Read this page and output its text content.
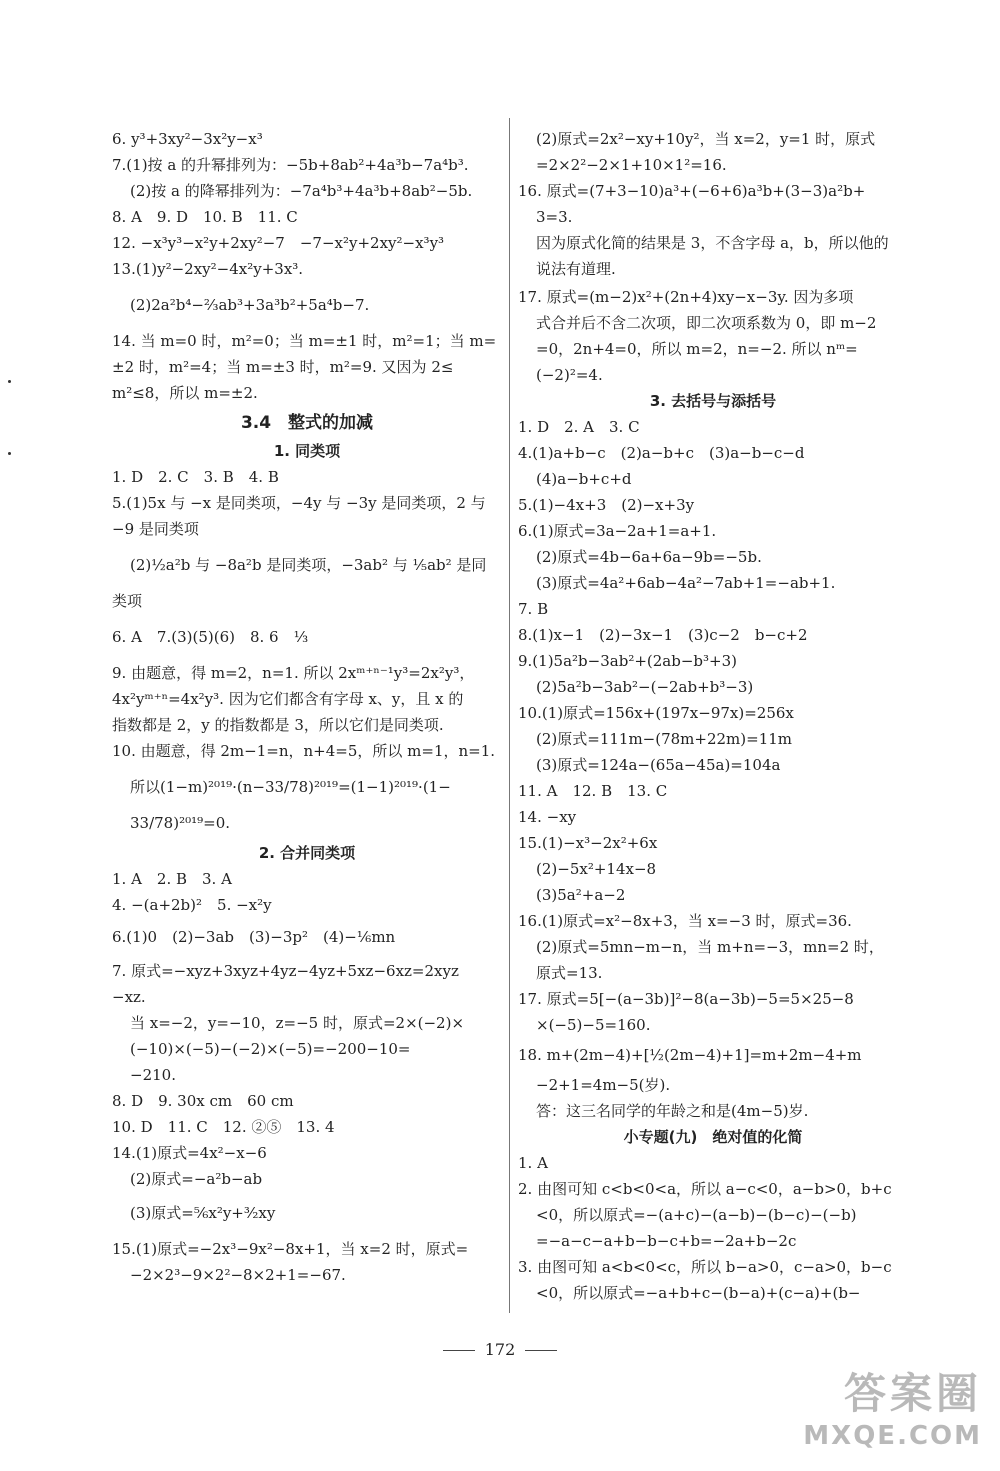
6. y³+3xy²−3x²y−x³
7.(1)按 a 的升幂排列为：−5b+8ab²+4a³b−7a⁴b³.
(2)按 a 的降幂排列为：−7a⁴b³+4a³b+8ab²−5b.
8. A　9. D　10. B　11. C
12. −x³y³−x²y+2xy²−7　−7−x²y+2xy²−x³y³
13.(1)y²−2xy²−4x²y+3x³.
(2)2a²b⁴−²⁄₃ab³+3a³b²+5a⁴b−7.
14. 当 m=0 时，m²=0；当 m=±1 时，m²=1；当 m=
±2 时，m²=4；当 m=±3 时，m²=9. 又因为 2≤
m²≤8，所以 m=±2.
3.4　整式的加减
1. 同类项
1. D　2. C　3. B　4. B
5.(1)5x 与 −x 是同类项，−4y 与 −3y 是同类项，2 与
−9 是同类项
(2)½a²b 与 −8a²b 是同类项，−3ab² 与 ⅕ab² 是同
类项
6. A　7.(3)(5)(6)　8. 6　⅓
9. 由题意，得 m=2，n=1. 所以 2xᵐ⁺ⁿ⁻¹y³=2x²y³，
4x²yᵐ⁺ⁿ=4x²y³. 因为它们都含有字母 x、y，且 x 的
指数都是 2，y 的指数都是 3，所以它们是同类项.
10. 由题意，得 2m−1=n，n+4=5，所以 m=1，n=1.
所以(1−m)²⁰¹⁹·(n−33/78)²⁰¹⁹=(1−1)²⁰¹⁹·(1−
33/78)²⁰¹⁹=0.
2. 合并同类项
1. A　2. B　3. A
4. −(a+2b)²　5. −x²y
6.(1)0　(2)−3ab　(3)−3p²　(4)−⅙mn
7. 原式=−xyz+3xyz+4yz−4yz+5xz−6xz=2xyz
−xz.
当 x=−2，y=−10，z=−5 时，原式=2×(−2)×
(−10)×(−5)−(−2)×(−5)=−200−10=
−210.
8. D　9. 30x cm　60 cm
10. D　11. C　12. ②⑤　13. 4
14.(1)原式=4x²−x−6
(2)原式=−a²b−ab
(3)原式=⅚x²y+³⁄₂xy
15.(1)原式=−2x³−9x²−8x+1，当 x=2 时，原式=
−2×2³−9×2²−8×2+1=−67.
(2)原式=2x²−xy+10y²，当 x=2，y=1 时，原式
=2×2²−2×1+10×1²=16.
16. 原式=(7+3−10)a³+(−6+6)a³b+(3−3)a²b+
3=3.
因为原式化简的结果是 3，不含字母 a，b，所以他的
说法有道理.
17. 原式=(m−2)x²+(2n+4)xy−x−3y. 因为多项
式合并后不含二次项，即二次项系数为 0，即 m−2
=0，2n+4=0，所以 m=2，n=−2. 所以 nᵐ=
(−2)²=4.
3. 去括号与添括号
1. D　2. A　3. C
4.(1)a+b−c　(2)a−b+c　(3)a−b−c−d
(4)a−b+c+d
5.(1)−4x+3　(2)−x+3y
6.(1)原式=3a−2a+1=a+1.
(2)原式=4b−6a+6a−9b=−5b.
(3)原式=4a²+6ab−4a²−7ab+1=−ab+1.
7. B
8.(1)x−1　(2)−3x−1　(3)c−2　b−c+2
9.(1)5a²b−3ab²+(2ab−b³+3)
(2)5a²b−3ab²−(−2ab+b³−3)
10.(1)原式=156x+(197x−97x)=256x
(2)原式=111m−(78m+22m)=11m
(3)原式=124a−(65a−45a)=104a
11. A　12. B　13. C
14. −xy
15.(1)−x³−2x²+6x
(2)−5x²+14x−8
(3)5a²+a−2
16.(1)原式=x²−8x+3，当 x=−3 时，原式=36.
(2)原式=5mn−m−n，当 m+n=−3，mn=2 时，
原式=13.
17. 原式=5[−(a−3b)]²−8(a−3b)−5=5×25−8
×(−5)−5=160.
18. m+(2m−4)+[½(2m−4)+1]=m+2m−4+m
−2+1=4m−5(岁).
答：这三名同学的年龄之和是(4m−5)岁.
小专题(九)　绝对值的化简
1. A
2. 由图可知 c<b<0<a，所以 a−c<0，a−b>0，b+c
<0，所以原式=−(a+c)−(a−b)−(b−c)−(−b)
=−a−c−a+b−b−c+b=−2a+b−2c
3. 由图可知 a<b<0<c，所以 b−a>0，c−a>0，b−c
<0，所以原式=−a+b+c−(b−a)+(c−a)+(b−
172
答案圈
MXQE.COM
